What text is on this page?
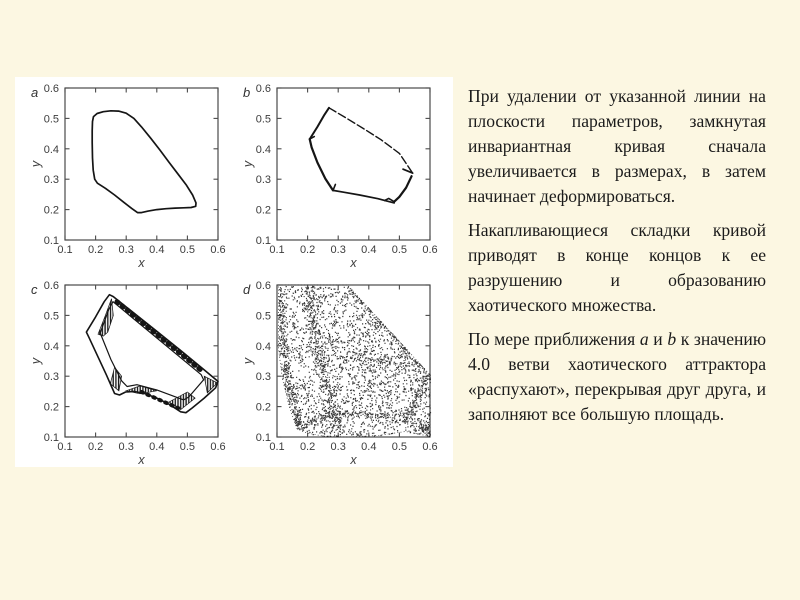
0.1
0.1
0.2
0.2
0.3
0.3
0.4
0.4
0.5
0.5
0.6
0.6
x
y
a
0.1
0.1
0.2
0.2
0.3
0.3
0.4
0.4
0.5
0.5
0.6
0.6
x
y
b
0.1
0.1
0.2
0.2
0.3
0.3
0.4
0.4
0.5
0.5
0.6
0.6
x
y
c
0.1
0.1
0.2
0.2
0.3
0.3
0.4
0.4
0.5
0.5
0.6
0.6
x
y
d

При удалении от указанной линии на плоскости параметров, замкнутая инвариантная кривая сначала увеличивается в размерах, в затем начинает деформироваться.

Накапливающиеся складки кривой приводят в конце концов к ее разрушению и образованию хаотического множества.

По мере приближения a и b к значению 4.0 ветви хаотического аттрактора «распухают», перекрывая друг друга, и заполняют все большую площадь.
